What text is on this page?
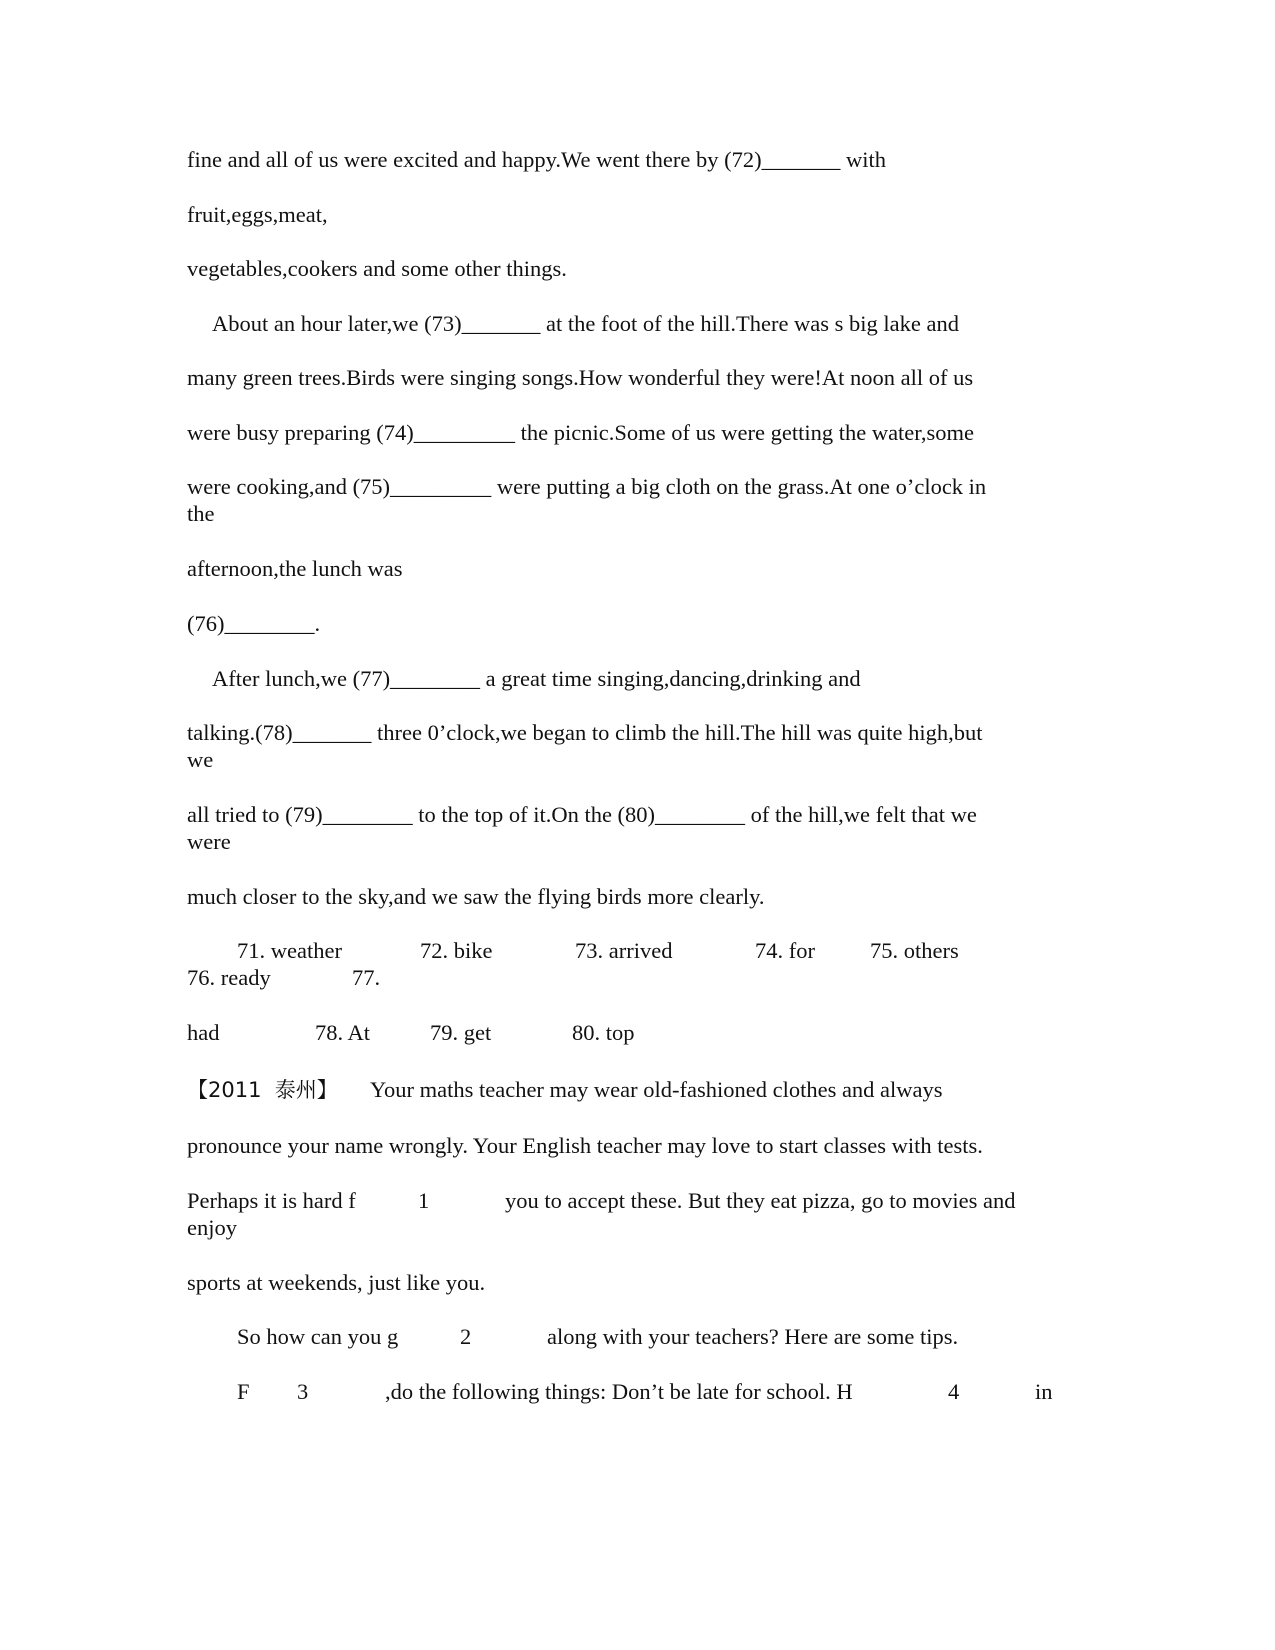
fine and all of us were excited and happy.We went there by (72)_______ with
fruit,eggs,meat,
vegetables,cookers and some other things.
About an hour later,we (73)_______ at the foot of the hill.There was s big lake and
many green trees.Birds were singing songs.How wonderful they were!At noon all of us
were busy preparing (74)_________ the picnic.Some of us were getting the water,some
were cooking,and (75)_________ were putting a big cloth on the grass.At one o’clock in
the
afternoon,the lunch was
(76)________.
After lunch,we (77)________ a great time singing,dancing,drinking and
talking.(78)_______ three 0’clock,we began to climb the hill.The hill was quite high,but
we
all tried to (79)________ to the top of it.On the (80)________ of the hill,we felt that we
were
much closer to the sky,and we saw the flying birds more clearly.
71. weather	72. bike	73. arrived	74. for 75. others
76. ready	77.
had	78. At	79. get	80. top
【2011  泰州】 Your maths teacher may wear old-fashioned clothes and always
pronounce your name wrongly. Your English teacher may love to start classes with tests.
Perhaps it is hard f	1	you to accept these. But they eat pizza, go to movies and
enjoy
sports at weekends, just like you.
So how can you g	2	along with your teachers? Here are some tips.
F 3	,do the following things: Don’t be late for school. H	4	in
